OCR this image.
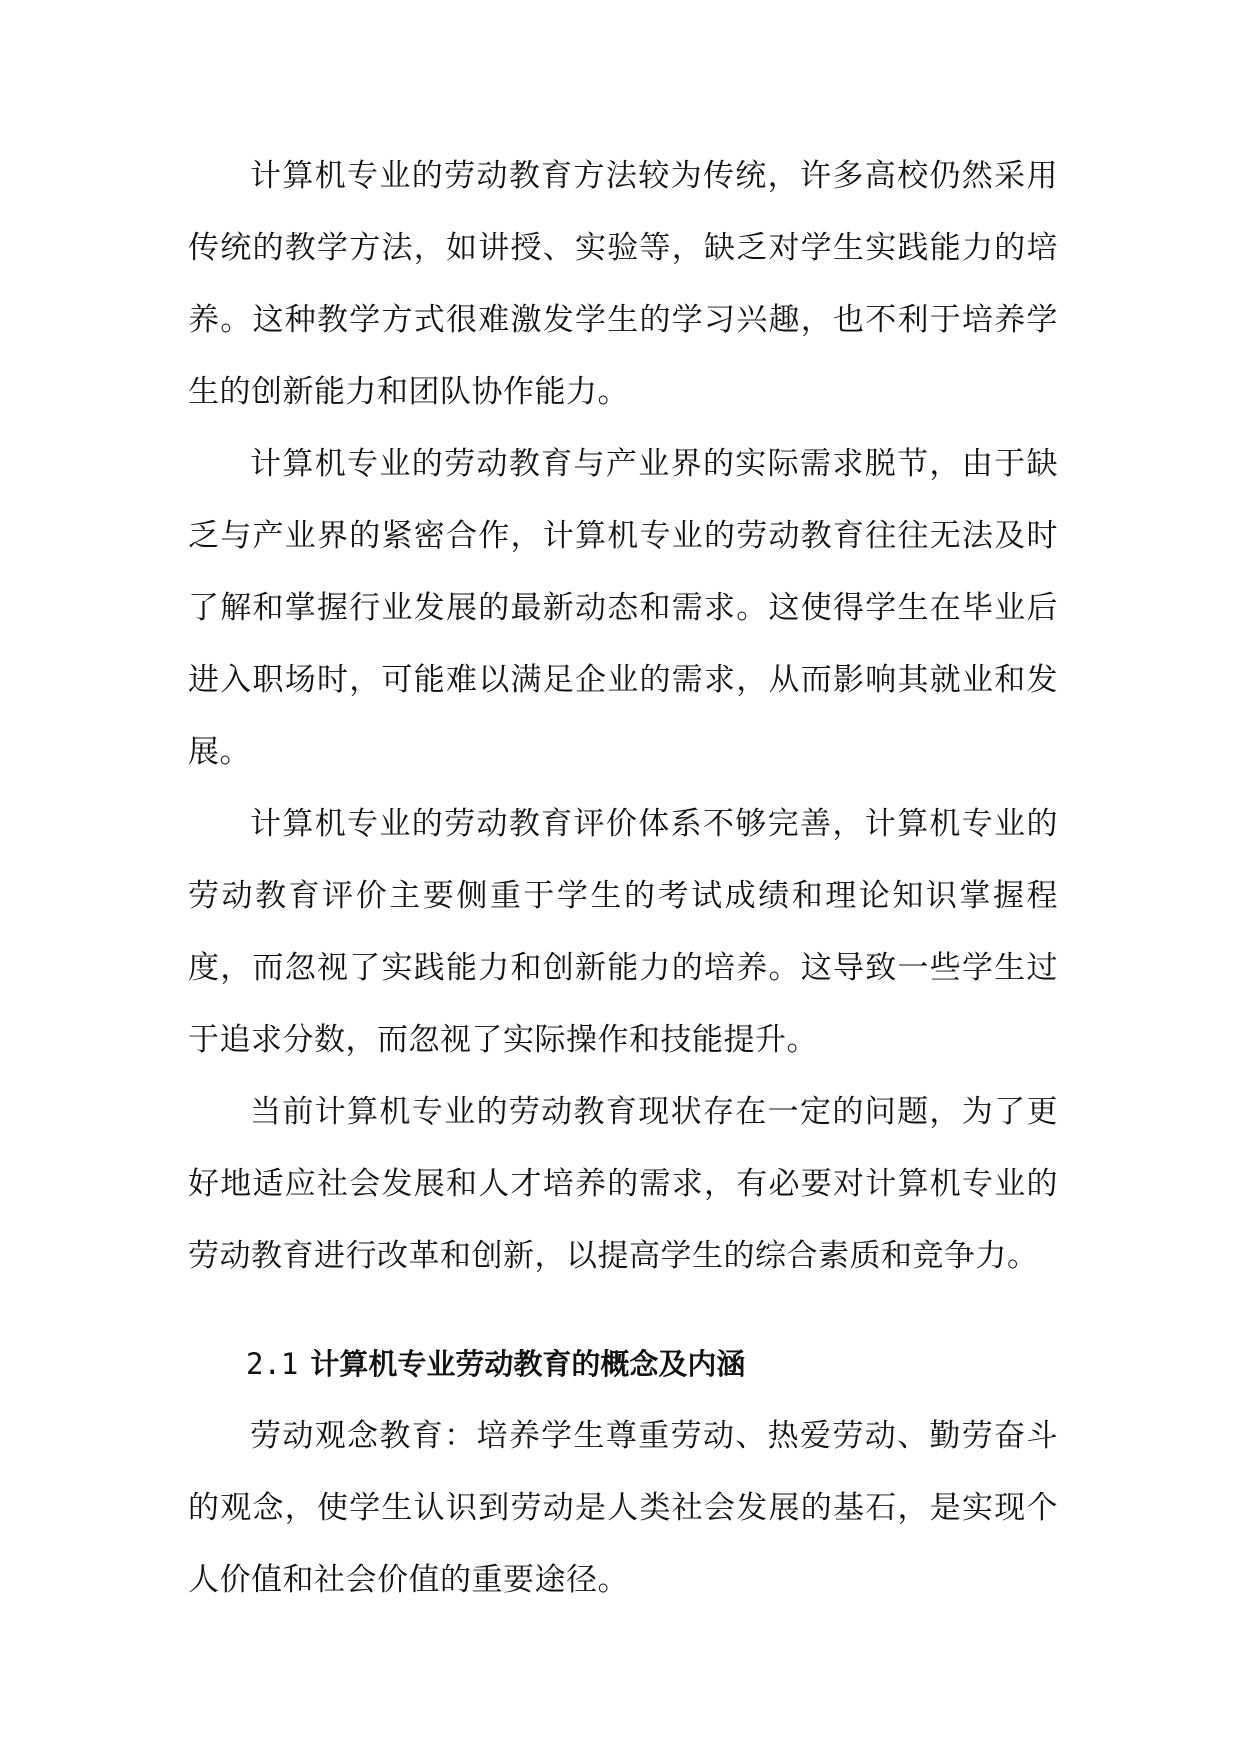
计算机专业的劳动教育方法较为传统，许多高校仍然采用传统的教学方法，如讲授、实验等，缺乏对学生实践能力的培养。这种教学方式很难激发学生的学习兴趣，也不利于培养学生的创新能力和团队协作能力。

计算机专业的劳动教育与产业界的实际需求脱节，由于缺乏与产业界的紧密合作，计算机专业的劳动教育往往无法及时了解和掌握行业发展的最新动态和需求。这使得学生在毕业后进入职场时，可能难以满足企业的需求，从而影响其就业和发展。

计算机专业的劳动教育评价体系不够完善，计算机专业的劳动教育评价主要侧重于学生的考试成绩和理论知识掌握程度，而忽视了实践能力和创新能力的培养。这导致一些学生过于追求分数，而忽视了实际操作和技能提升。

当前计算机专业的劳动教育现状存在一定的问题，为了更好地适应社会发展和人才培养的需求，有必要对计算机专业的劳动教育进行改革和创新，以提高学生的综合素质和竞争力。

2.1 计算机专业劳动教育的概念及内涵

劳动观念教育：培养学生尊重劳动、热爱劳动、勤劳奋斗的观念，使学生认识到劳动是人类社会发展的基石，是实现个人价值和社会价值的重要途径。
